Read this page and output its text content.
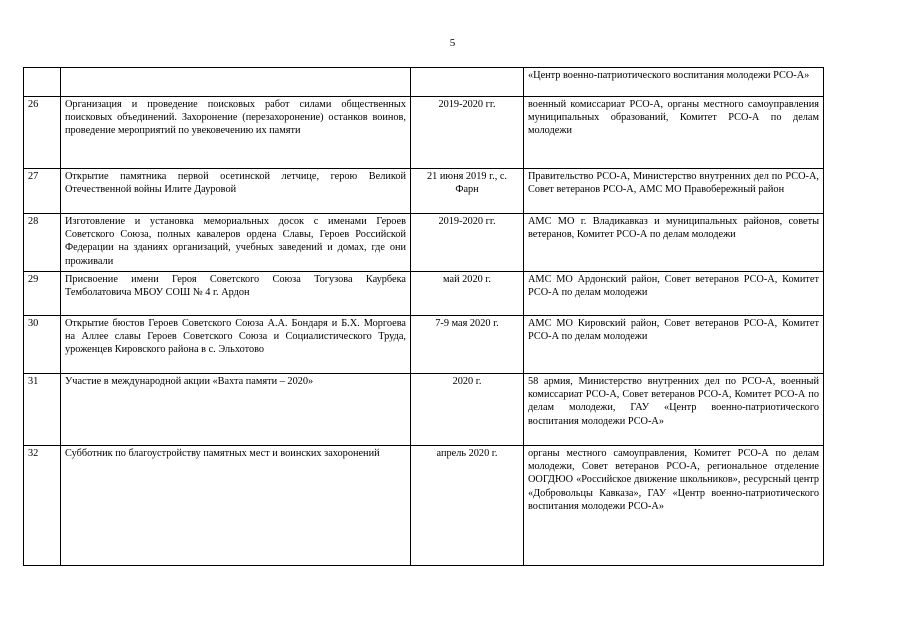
5
			«Центр военно-патриотического воспитания молодежи РСО-А»
26	Организация и проведение поисковых работ силами общественных поисковых объединений. Захоронение (перезахоронение) останков воинов, проведение мероприятий по увековечению их памяти	2019-2020 гг.	военный комиссариат РСО-А, органы местного самоуправления муниципальных образований, Комитет РСО-А по делам молодежи
27	Открытие памятника первой осетинской летчице, герою Великой Отечественной войны Илите Дауровой	21 июня 2019 г., с. Фарн	Правительство РСО-А, Министерство внутренних дел по РСО-А, Совет ветеранов РСО-А, АМС МО Правобережный район
28	Изготовление и установка мемориальных досок с именами Героев Советского Союза, полных кавалеров ордена Славы, Героев Российской Федерации на зданиях организаций, учебных заведений и домах, где они проживали	2019-2020 гг.	АМС МО г. Владикавказ и муниципальных районов, советы ветеранов, Комитет РСО-А по делам молодежи
29	Присвоение имени Героя Советского Союза Тогузова Каурбека Темболатовича МБОУ СОШ № 4 г. Ардон	май 2020 г.	АМС МО Ардонский район, Совет ветеранов РСО-А, Комитет РСО-А по делам молодежи
30	Открытие бюстов Героев Советского Союза А.А. Бондаря и Б.Х. Моргоева на Аллее славы Героев Советского Союза и Социалистического Труда, уроженцев Кировского района в с. Эльхотово	7-9 мая 2020 г.	АМС МО Кировский район, Совет ветеранов РСО-А, Комитет РСО-А по делам молодежи
31	Участие в международной акции «Вахта памяти – 2020»	2020 г.	58 армия, Министерство внутренних дел по РСО-А, военный комиссариат РСО-А, Совет ветеранов РСО-А, Комитет РСО-А по делам молодежи, ГАУ «Центр военно-патриотического воспитания молодежи РСО-А»
32	Субботник по благоустройству памятных мест и воинских захоронений	апрель 2020 г.	органы местного самоуправления, Комитет РСО-А по делам молодежи, Совет ветеранов РСО-А, региональное отделение ООГДЮО «Российское движение школьников», ресурсный центр «Добровольцы Кавказа», ГАУ «Центр военно-патриотического воспитания молодежи РСО-А»
